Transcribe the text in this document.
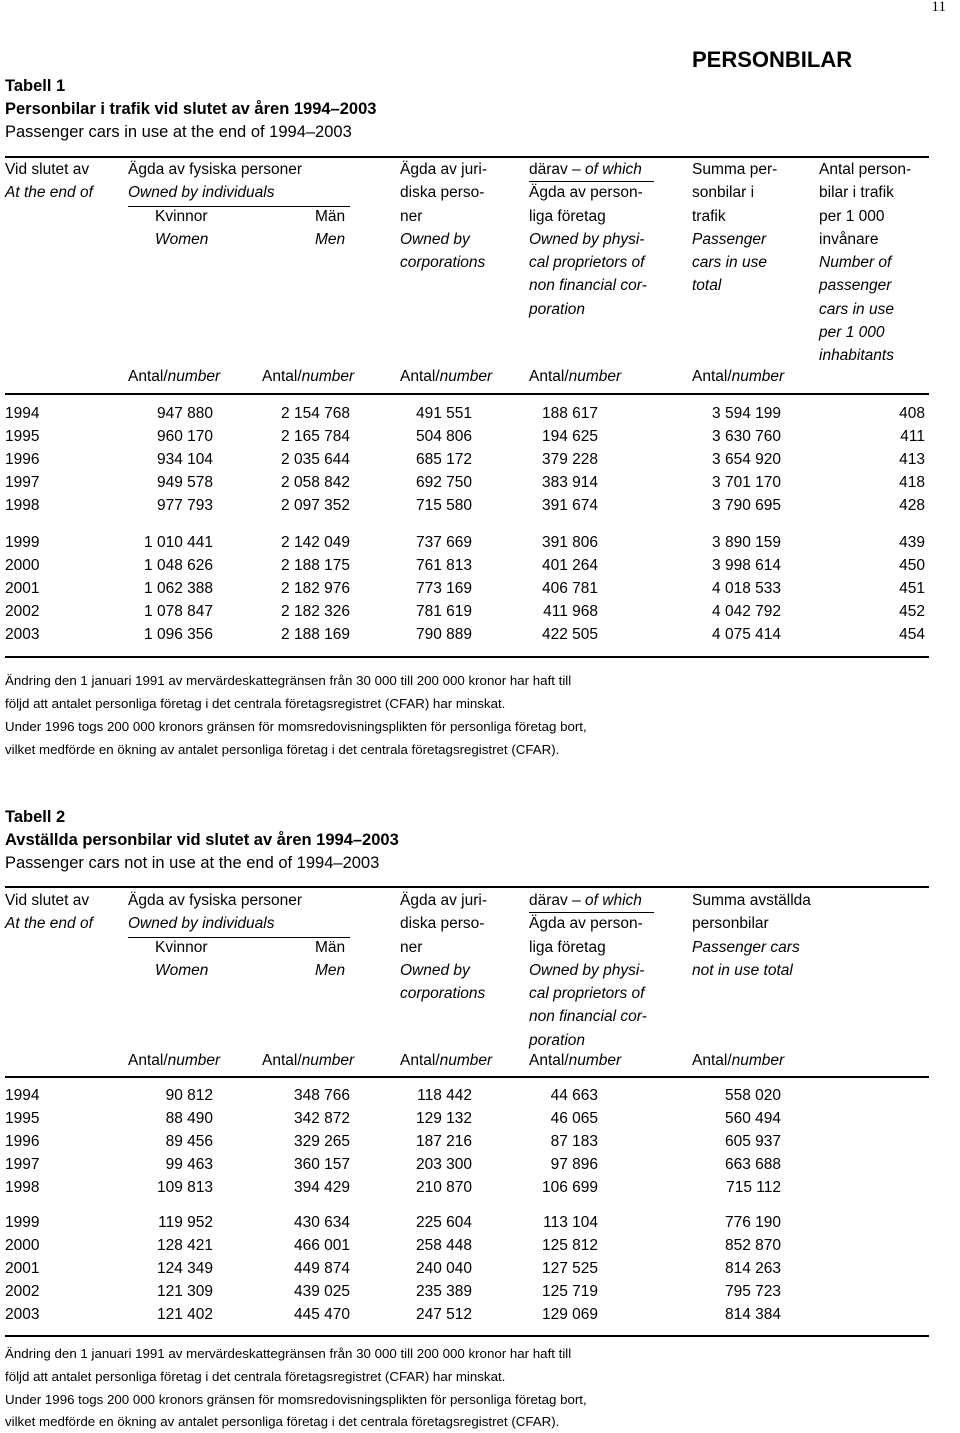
11
PERSONBILAR
Tabell 1
Personbilar i trafik vid slutet av åren 1994–2003
Passenger cars in use at the end of 1994–2003
Vid slutet av
At the end of
Ägda av fysiska personer
Owned by individuals
Kvinnor
Women
Män
Men
Ägda av juri-
diska perso-
ner
Owned by
corporations
därav – of which
Ägda av person-
liga företag
Owned by physi-
cal proprietors of
non financial cor-
poration
Summa per-
sonbilar i
trafik
Passenger
cars in use
total
Antal person-
bilar i trafik
per 1 000
invånare
Number of
passenger
cars in use
per 1 000
inhabitants
Antal/number	Antal/number	Antal/number Antal/number	Antal/number
1994	947 880	2 154 768	491 551	188 617	3 594 199	408
1995	960 170	2 165 784	504 806	194 625	3 630 760	411
1996	934 104	2 035 644	685 172	379 228	3 654 920	413
1997	949 578	2 058 842	692 750	383 914	3 701 170	418
1998	977 793	2 097 352	715 580	391 674	3 790 695	428
1999	1 010 441	2 142 049	737 669	391 806	3 890 159	439
2000	1 048 626	2 188 175	761 813	401 264	3 998 614	450
2001	1 062 388	2 182 976	773 169	406 781	4 018 533	451
2002	1 078 847	2 182 326	781 619	411 968	4 042 792	452
2003	1 096 356	2 188 169	790 889	422 505	4 075 414	454
Ändring den 1 januari 1991 av mervärdeskattegränsen från 30 000 till 200 000 kronor har haft till
följd att antalet personliga företag i det centrala företagsregistret (CFAR) har minskat.
Under 1996 togs 200 000 kronors gränsen för momsredovisningsplikten för personliga företag bort,
vilket medförde en ökning av antalet personliga företag i det centrala företagsregistret (CFAR).
Tabell 2
Avställda personbilar vid slutet av åren 1994–2003
Passenger cars not in use at the end of 1994–2003
Vid slutet av
At the end of
Ägda av fysiska personer
Owned by individuals
Kvinnor
Women
Män
Men
Ägda av juri-
diska perso-
ner
Owned by
corporations
därav – of which
Ägda av person-
liga företag
Owned by physi-
cal proprietors of
non financial cor-
poration
Summa avställda
personbilar
Passenger cars
not in use total
Antal/number	Antal/number	Antal/number Antal/number	Antal/number
1994	90 812	348 766	118 442	44 663	558 020
1995	88 490	342 872	129 132	46 065	560 494
1996	89 456	329 265	187 216	87 183	605 937
1997	99 463	360 157	203 300	97 896	663 688
1998	109 813	394 429	210 870	106 699	715 112
1999	119 952	430 634	225 604	113 104	776 190
2000	128 421	466 001	258 448	125 812	852 870
2001	124 349	449 874	240 040	127 525	814 263
2002	121 309	439 025	235 389	125 719	795 723
2003	121 402	445 470	247 512	129 069	814 384
Ändring den 1 januari 1991 av mervärdeskattegränsen från 30 000 till 200 000 kronor har haft till
följd att antalet personliga företag i det centrala företagsregistret (CFAR) har minskat.
Under 1996 togs 200 000 kronors gränsen för momsredovisningsplikten för personliga företag bort,
vilket medförde en ökning av antalet personliga företag i det centrala företagsregistret (CFAR).
